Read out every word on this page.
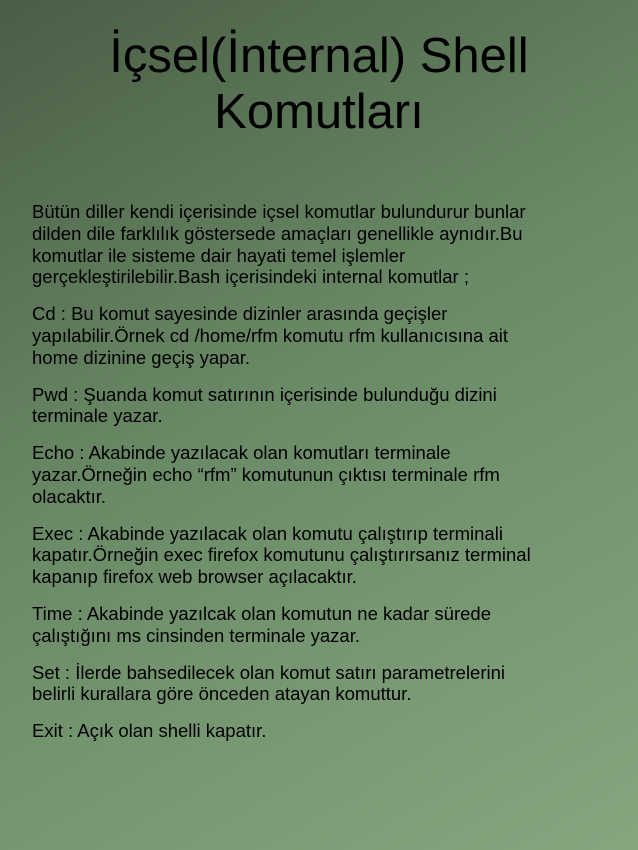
İçsel(İnternal) Shell
Komutları

Bütün diller kendi içerisinde içsel komutlar bulundurur bunlar
dilden dile farklılık göstersede amaçları genellikle aynıdır.Bu
komutlar ile sisteme dair hayati temel işlemler
gerçekleştirilebilir.Bash içerisindeki internal komutlar ;

Cd : Bu komut sayesinde dizinler arasında geçişler
yapılabilir.Örnek cd /home/rfm komutu rfm kullanıcısına ait
home dizinine geçiş yapar.

Pwd : Şuanda komut satırının içerisinde bulunduğu dizini
terminale yazar.

Echo : Akabinde yazılacak olan komutları terminale
yazar.Örneğin echo “rfm” komutunun çıktısı terminale rfm
olacaktır.

Exec : Akabinde yazılacak olan komutu çalıştırıp terminali
kapatır.Örneğin exec firefox komutunu çalıştırırsanız terminal
kapanıp firefox web browser açılacaktır.

Time : Akabinde yazılcak olan komutun ne kadar sürede
çalıştığını ms cinsinden terminale yazar.

Set : İlerde bahsedilecek olan komut satırı parametrelerini
belirli kurallara göre önceden atayan komuttur.

Exit : Açık olan shelli kapatır.
